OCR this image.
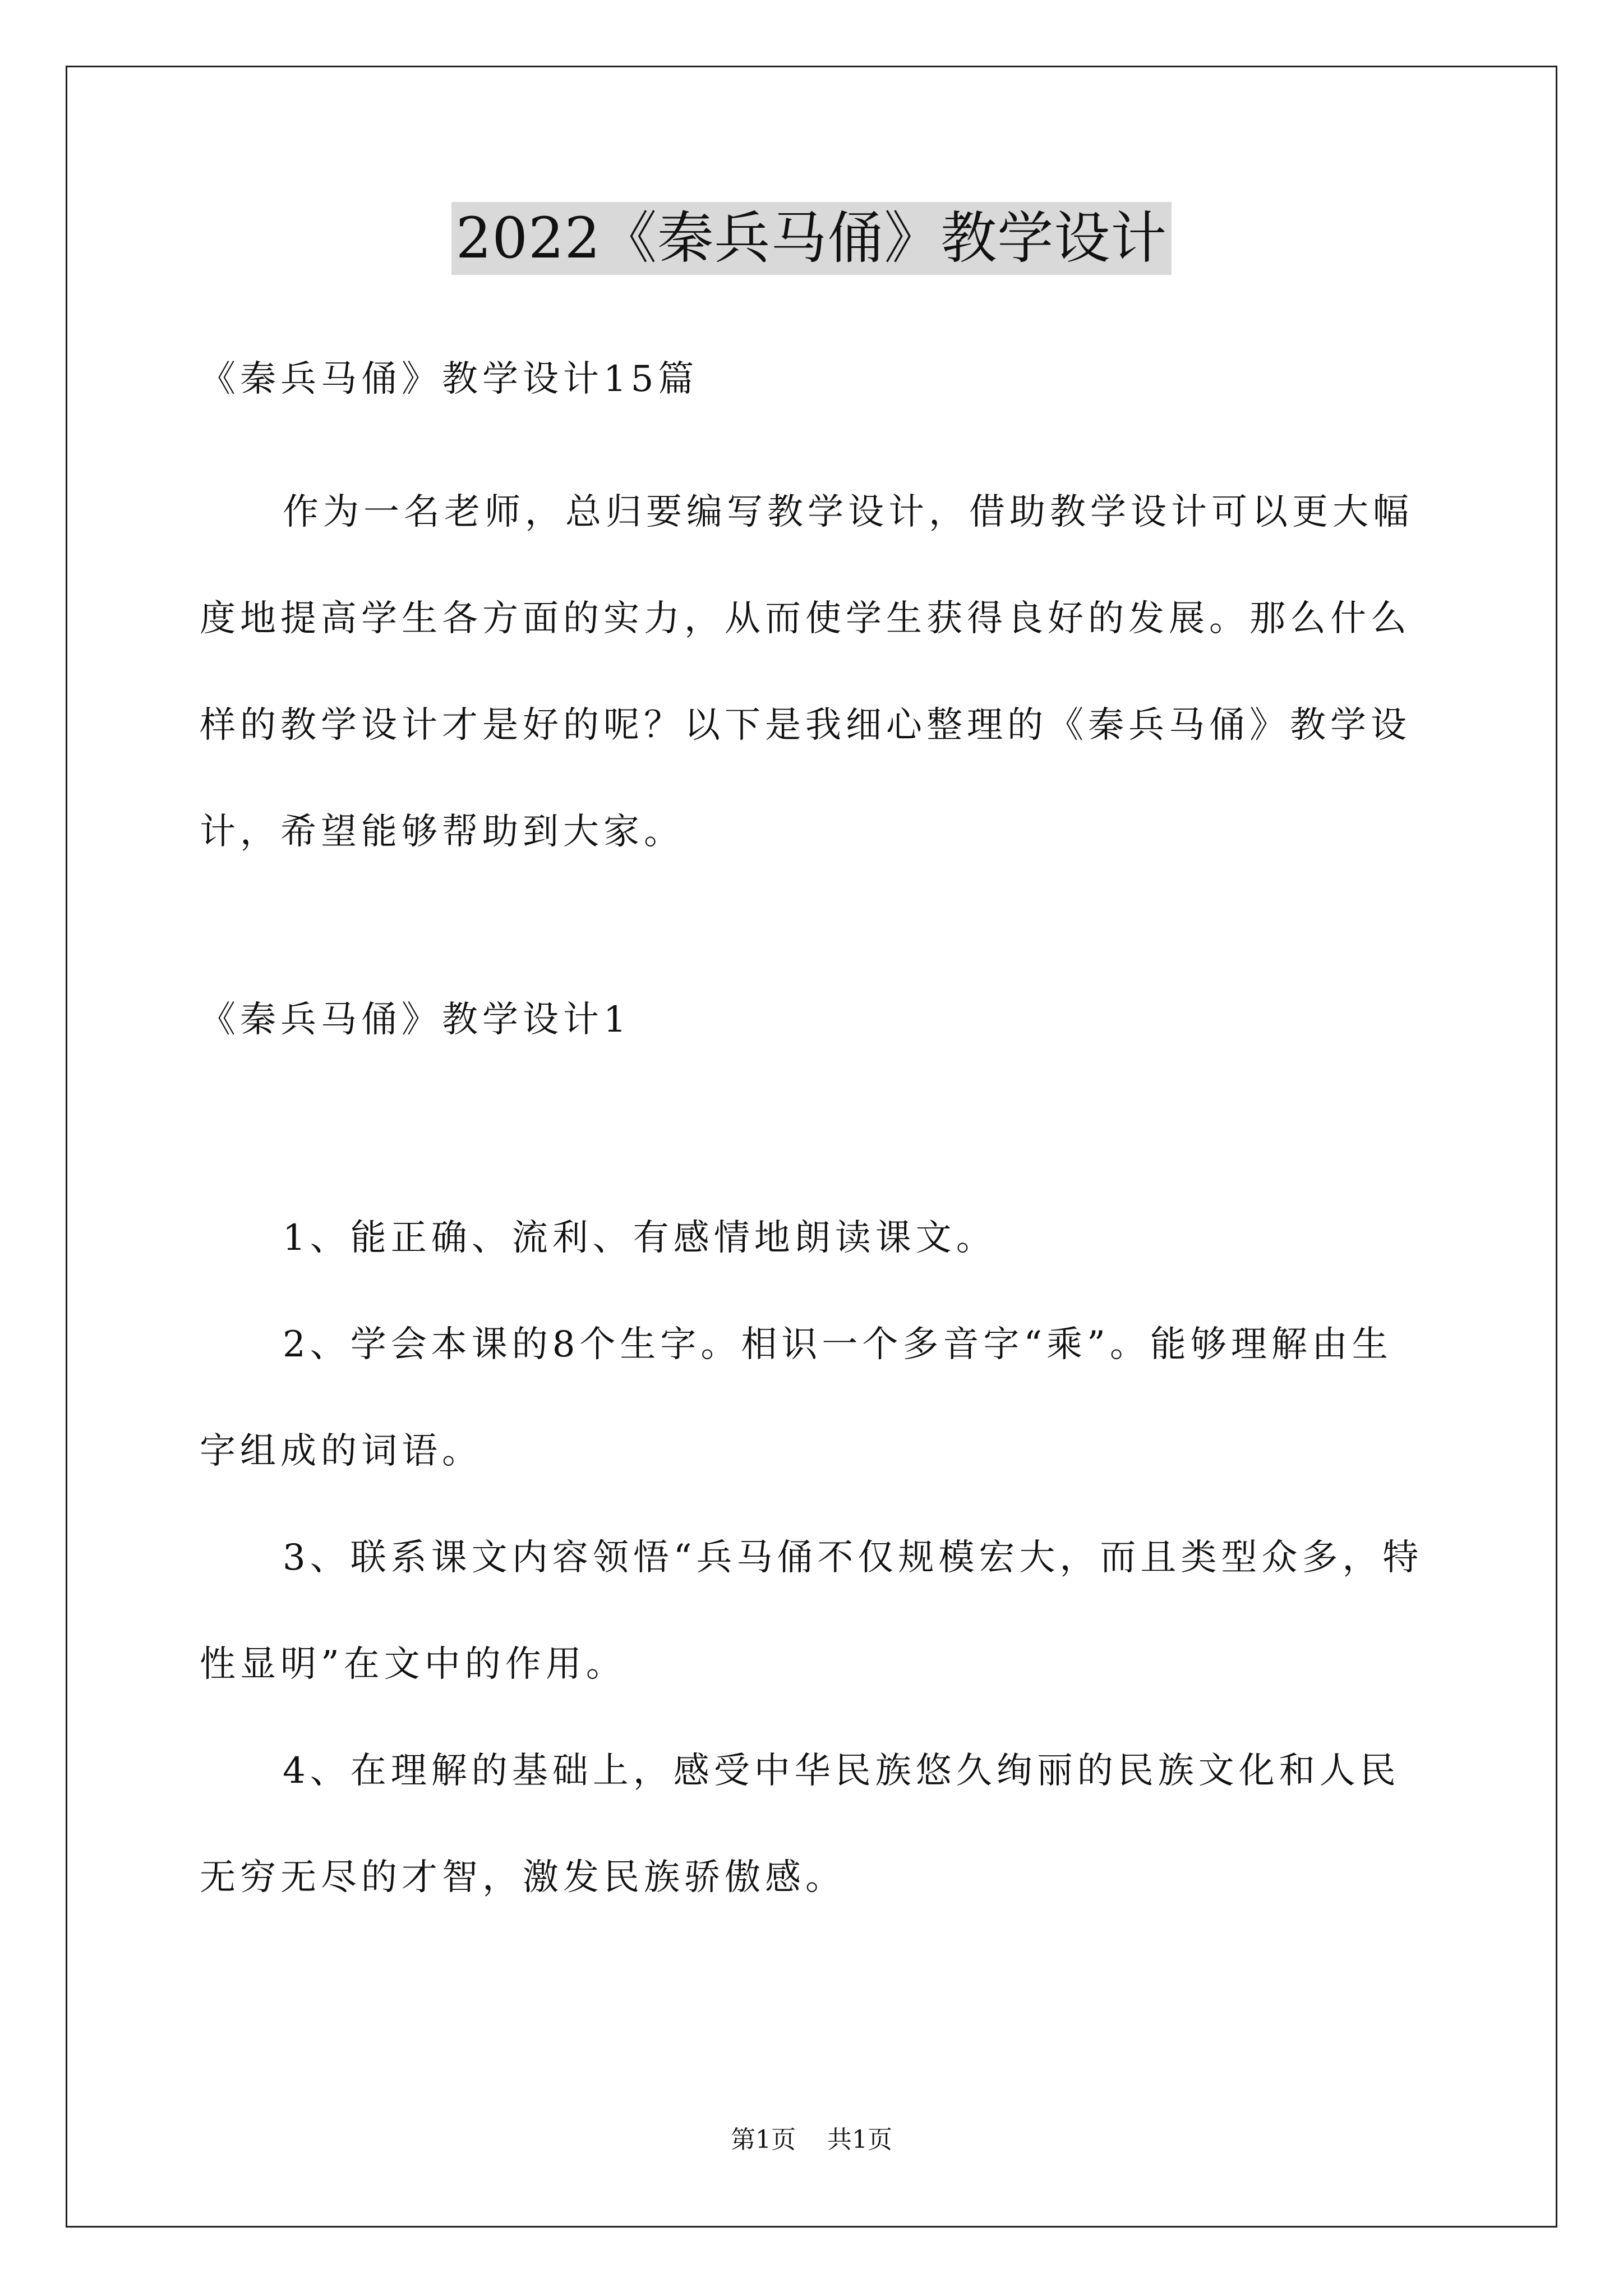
2022《秦兵马俑》教学设计
《秦兵马俑》教学设计15篇
作为一名老师，总归要编写教学设计，借助教学设计可以更大幅度地提高学生各方面的实力，从而使学生获得良好的发展。那么什么样的教学设计才是好的呢？以下是我细心整理的《秦兵马俑》教学设计，希望能够帮助到大家。
《秦兵马俑》教学设计1

1、能正确、流利、有感情地朗读课文。

2、学会本课的8个生字。相识一个多音字“乘”。能够理解由生字组成的词语。

3、联系课文内容领悟“兵马俑不仅规模宏大，而且类型众多，特性显明”在文中的作用。

4、在理解的基础上，感受中华民族悠久绚丽的民族文化和人民无穷无尽的才智，激发民族骄傲感。

第1页 共1页
